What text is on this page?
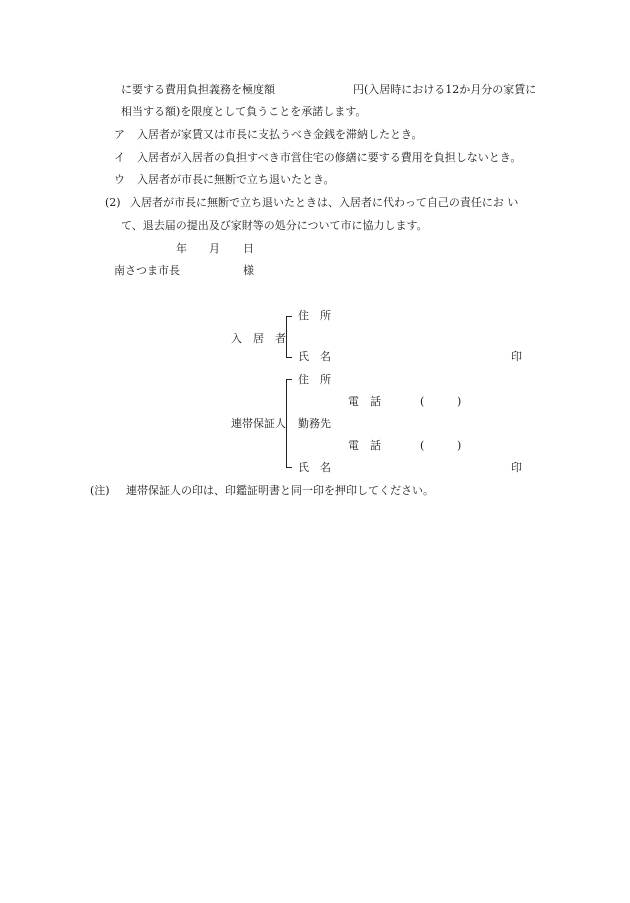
に要する費用負担義務を極度額	円(入居時における12か月分の家賃に
相当する額)を限度として負うことを承諾します。
ア 入居者が家賃又は市長に支払うべき金銭を滞納したとき。
イ 入居者が入居者の負担すべき市営住宅の修繕に要する費用を負担しないとき。
ウ 入居者が市長に無断で立ち退いたとき。
(2) 入居者が市長に無断で立ち退いたときは、入居者に代わって自己の責任にお い
て、退去届の提出及び家財等の処分について市に協力します。
年 月 日
南さつま市長	様
入　居　者
住　所
氏　名	印
連帯保証人
住　所
電　話	(	)
勤務先
電　話	(	)
氏　名	印
(注) 連帯保証人の印は、印鑑証明書と同一印を押印してください。
